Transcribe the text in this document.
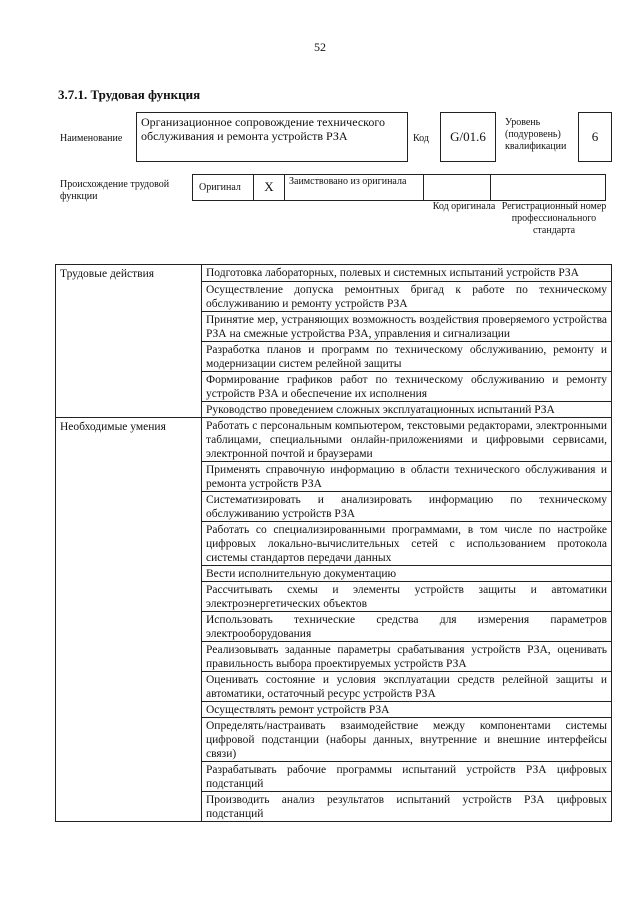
52
3.7.1. Трудовая функция
Наименование
Организационное сопровождение технического обслуживания и ремонта устройств РЗА	Код	G/01.6
Уровень (подуровень) квалификации
6
Происхождение трудовой функции
Оригинал	X	Заимствовано из оригинала
Код оригинала Регистрационный номер профессионального стандарта
Трудовые действия	Подготовка лабораторных, полевых и системных испытаний устройств РЗА
	Осуществление допуска ремонтных бригад к работе по техническому обслуживанию и ремонту устройств РЗА
	Принятие мер, устраняющих возможность воздействия проверяемого устройства РЗА на смежные устройства РЗА, управления и сигнализации
	Разработка планов и программ по техническому обслуживанию, ремонту и модернизации систем релейной защиты
	Формирование графиков работ по техническому обслуживанию и ремонту устройств РЗА и обеспечение их исполнения
	Руководство проведением сложных эксплуатационных испытаний РЗА
Необходимые умения	Работать с персональным компьютером, текстовыми редакторами, электронными таблицами, специальными онлайн-приложениями и цифровыми сервисами, электронной почтой и браузерами
	Применять справочную информацию в области технического обслуживания и ремонта устройств РЗА
	Систематизировать и анализировать информацию по техническому обслуживанию устройств РЗА
	Работать со специализированными программами, в том числе по настройке цифровых локально-вычислительных сетей с использованием протокола системы стандартов передачи данных
	Вести исполнительную документацию
	Рассчитывать схемы и элементы устройств защиты и автоматики электроэнергетических объектов
	Использовать технические средства для измерения параметров электрооборудования
	Реализовывать заданные параметры срабатывания устройств РЗА, оценивать правильность выбора проектируемых устройств РЗА
	Оценивать состояние и условия эксплуатации средств релейной защиты и автоматики, остаточный ресурс устройств РЗА
	Осуществлять ремонт устройств РЗА
	Определять/настраивать взаимодействие между компонентами системы цифровой подстанции (наборы данных, внутренние и внешние интерфейсы связи)
	Разрабатывать рабочие программы испытаний устройств РЗА цифровых подстанций
	Производить анализ результатов испытаний устройств РЗА цифровых подстанций
